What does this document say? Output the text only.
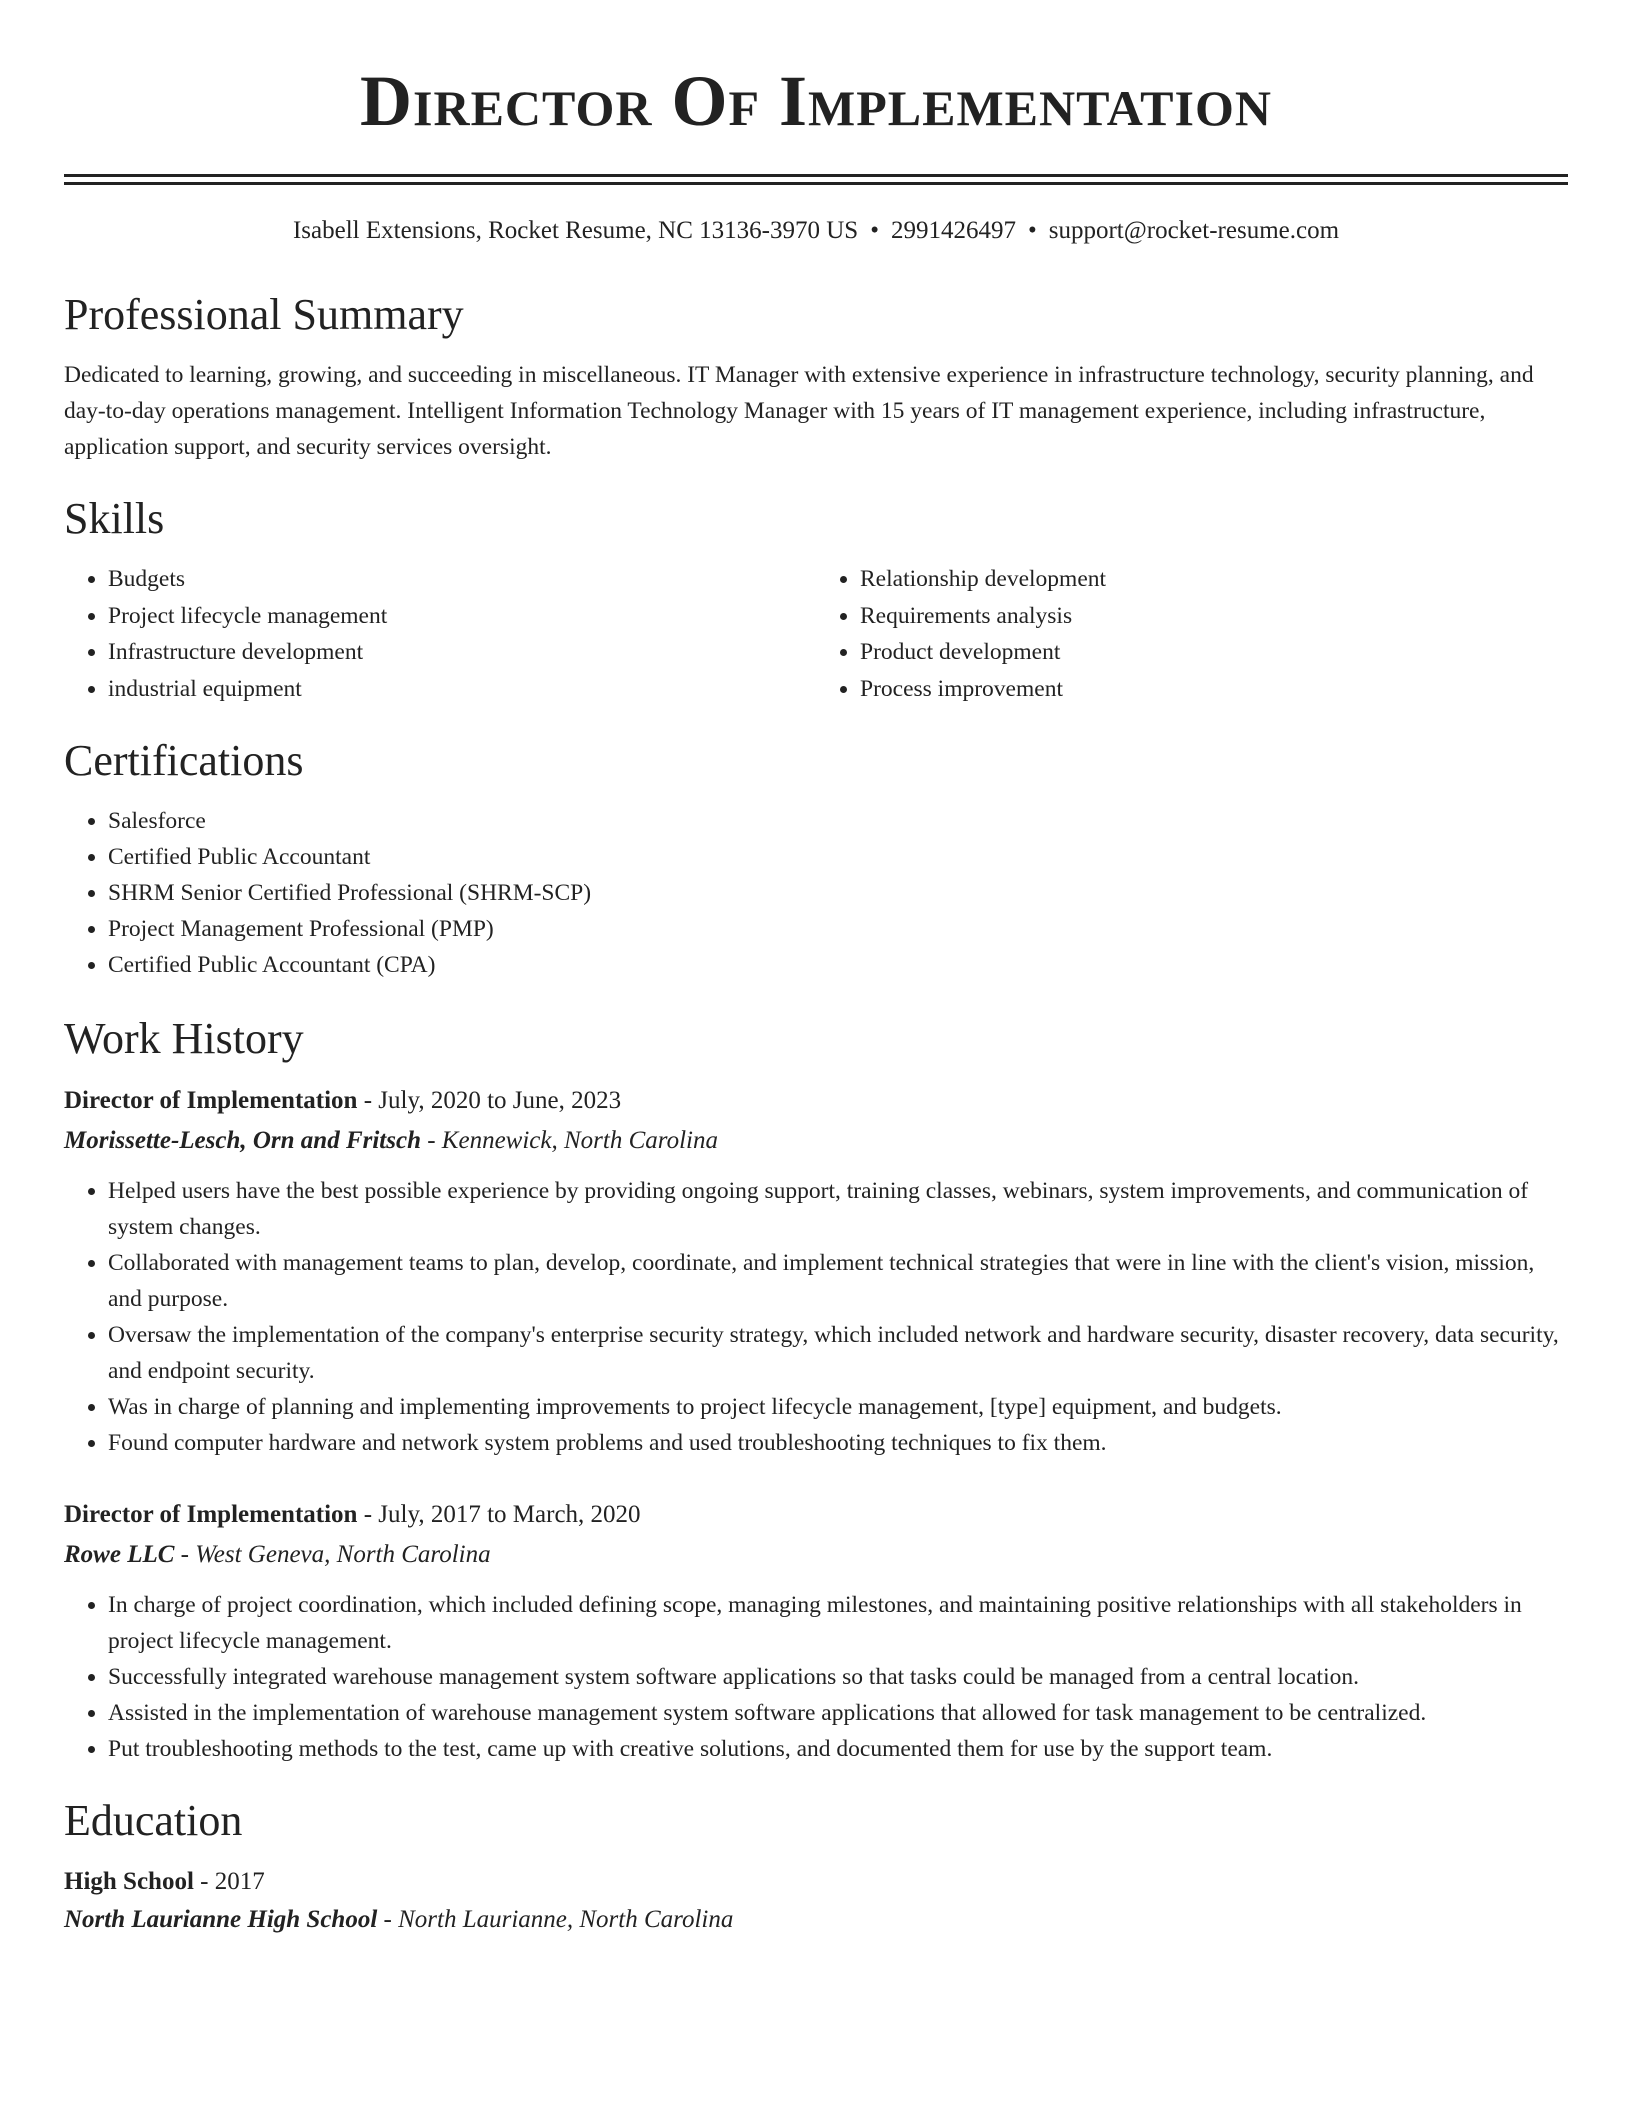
Director Of Implementation
Isabell Extensions, Rocket Resume, NC 13136-3970 US • 2991426497 • support@rocket-resume.com
Professional Summary

Dedicated to learning, growing, and succeeding in miscellaneous. IT Manager with extensive experience in infrastructure technology, security planning, and day-to-day operations management. Intelligent Information Technology Manager with 15 years of IT management experience, including infrastructure, application support, and security services oversight.

Skills
• Budgets
• Project lifecycle management
• Infrastructure development
• industrial equipment
• Relationship development
• Requirements analysis
• Product development
• Process improvement
Certifications
• Salesforce
• Certified Public Accountant
• SHRM Senior Certified Professional (SHRM-SCP)
• Project Management Professional (PMP)
• Certified Public Accountant (CPA)
Work History
Director of Implementation - July, 2020 to June, 2023
Morissette-Lesch, Orn and Fritsch - Kennewick, North Carolina
• Helped users have the best possible experience by providing ongoing support, training classes, webinars, system improvements, and communication of system changes.
• Collaborated with management teams to plan, develop, coordinate, and implement technical strategies that were in line with the client's vision, mission, and purpose.
• Oversaw the implementation of the company's enterprise security strategy, which included network and hardware security, disaster recovery, data security, and endpoint security.
• Was in charge of planning and implementing improvements to project lifecycle management, [type] equipment, and budgets.
• Found computer hardware and network system problems and used troubleshooting techniques to fix them.
Director of Implementation - July, 2017 to March, 2020
Rowe LLC - West Geneva, North Carolina
• In charge of project coordination, which included defining scope, managing milestones, and maintaining positive relationships with all stakeholders in project lifecycle management.
• Successfully integrated warehouse management system software applications so that tasks could be managed from a central location.
• Assisted in the implementation of warehouse management system software applications that allowed for task management to be centralized.
• Put troubleshooting methods to the test, came up with creative solutions, and documented them for use by the support team.
Education
High School - 2017
North Laurianne High School - North Laurianne, North Carolina
